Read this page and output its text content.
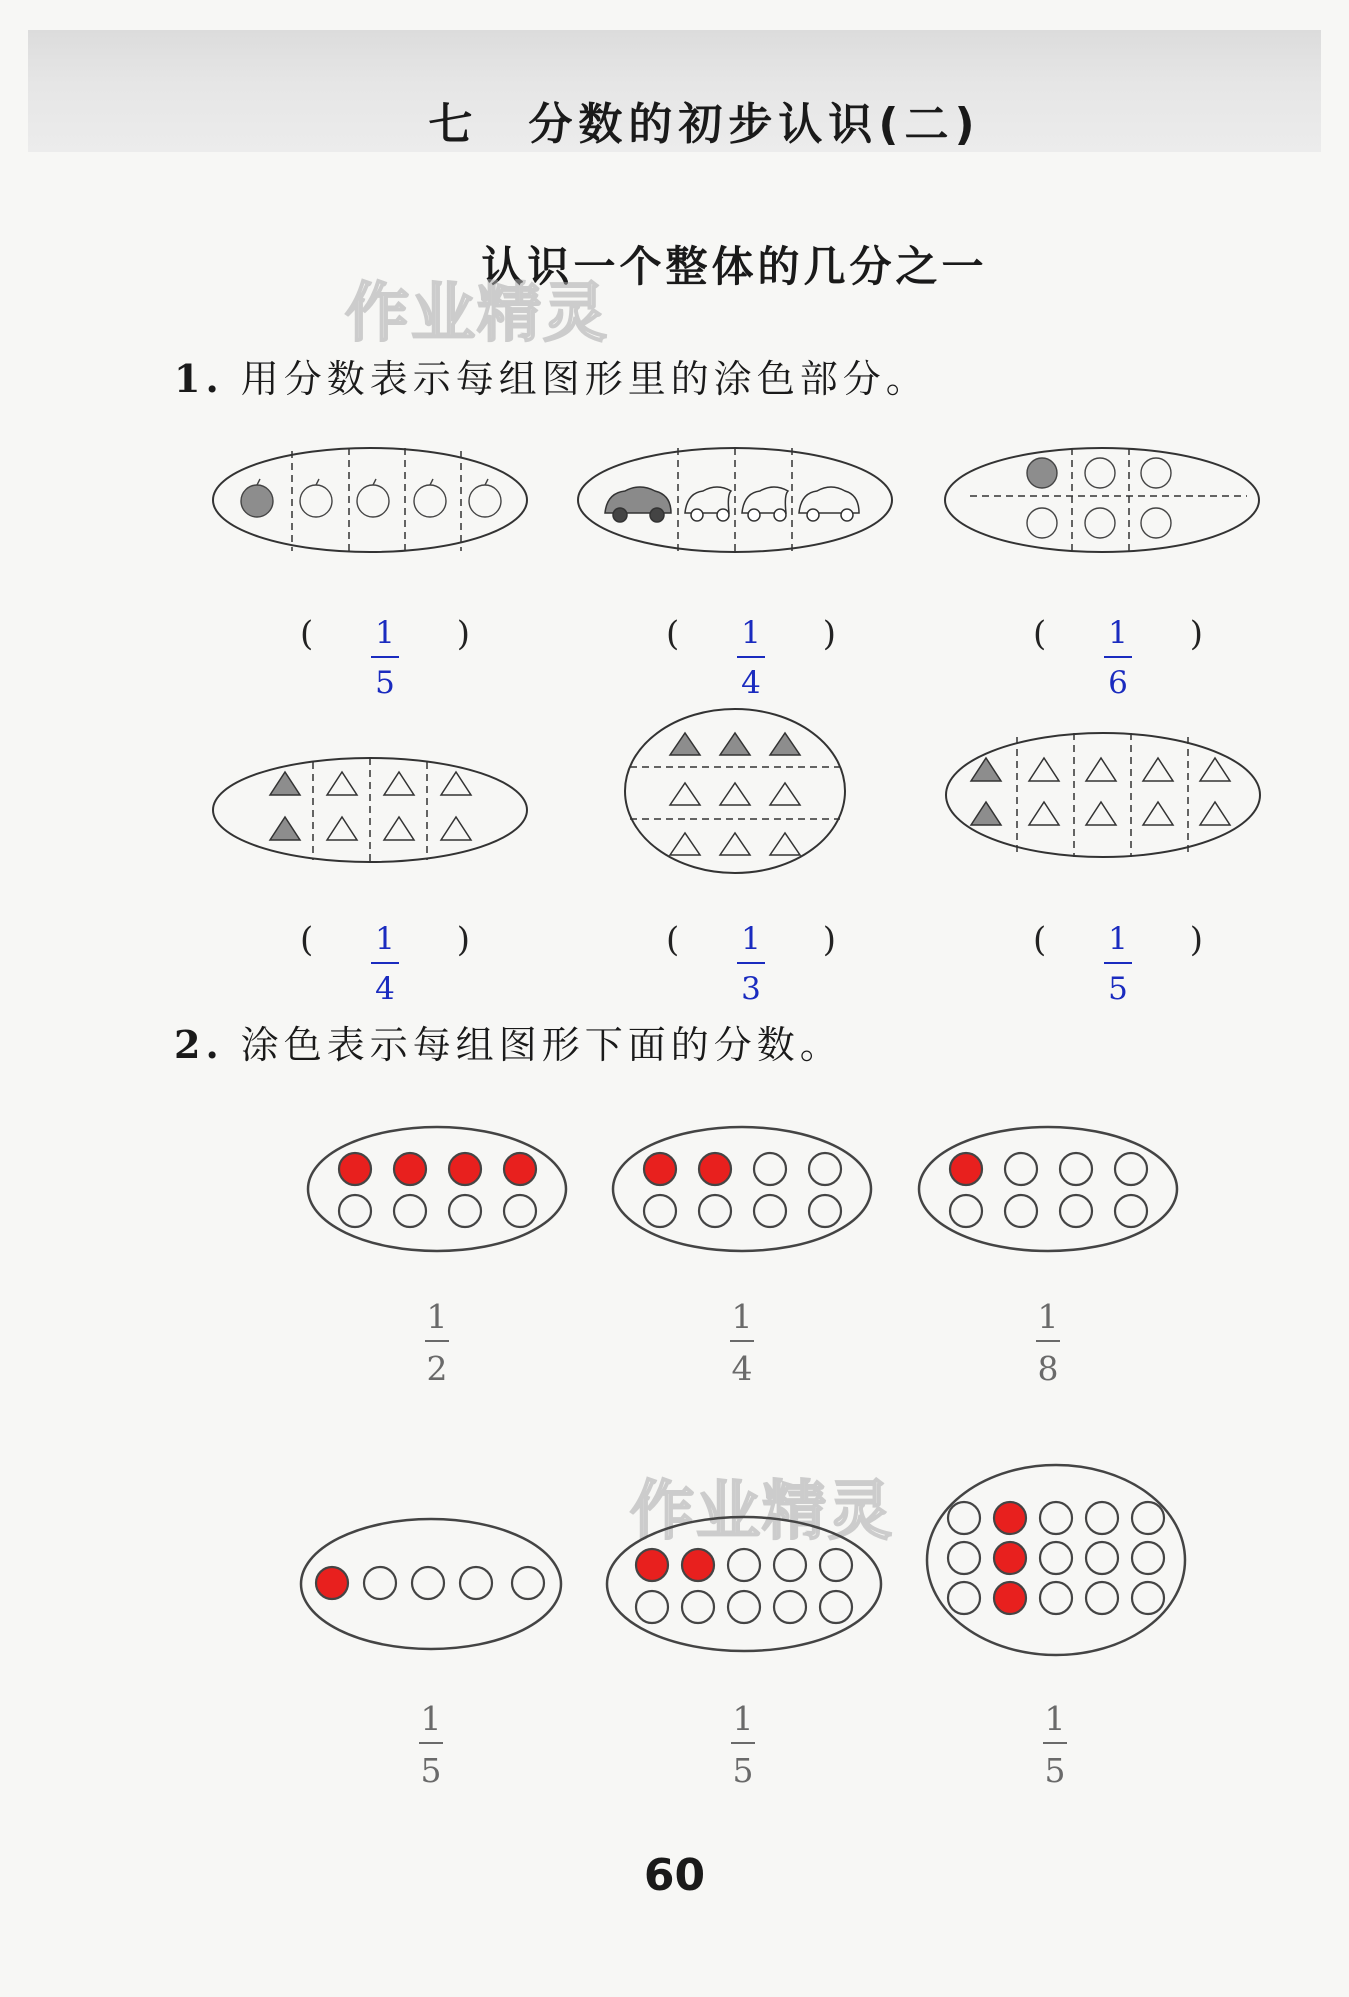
七　分数的初步认识(二)
认识一个整体的几分之一
作业精灵
1. 用分数表示每组图形里的涂色部分。
(	1
5
)	(	1
4
)	(	1
6
)
(	1
4
)	(	1
3
)	(	1
5
)
2. 涂色表示每组图形下面的分数。
1
2
1
4
1
8
作业精灵
1
5
1
5
1
5
60
